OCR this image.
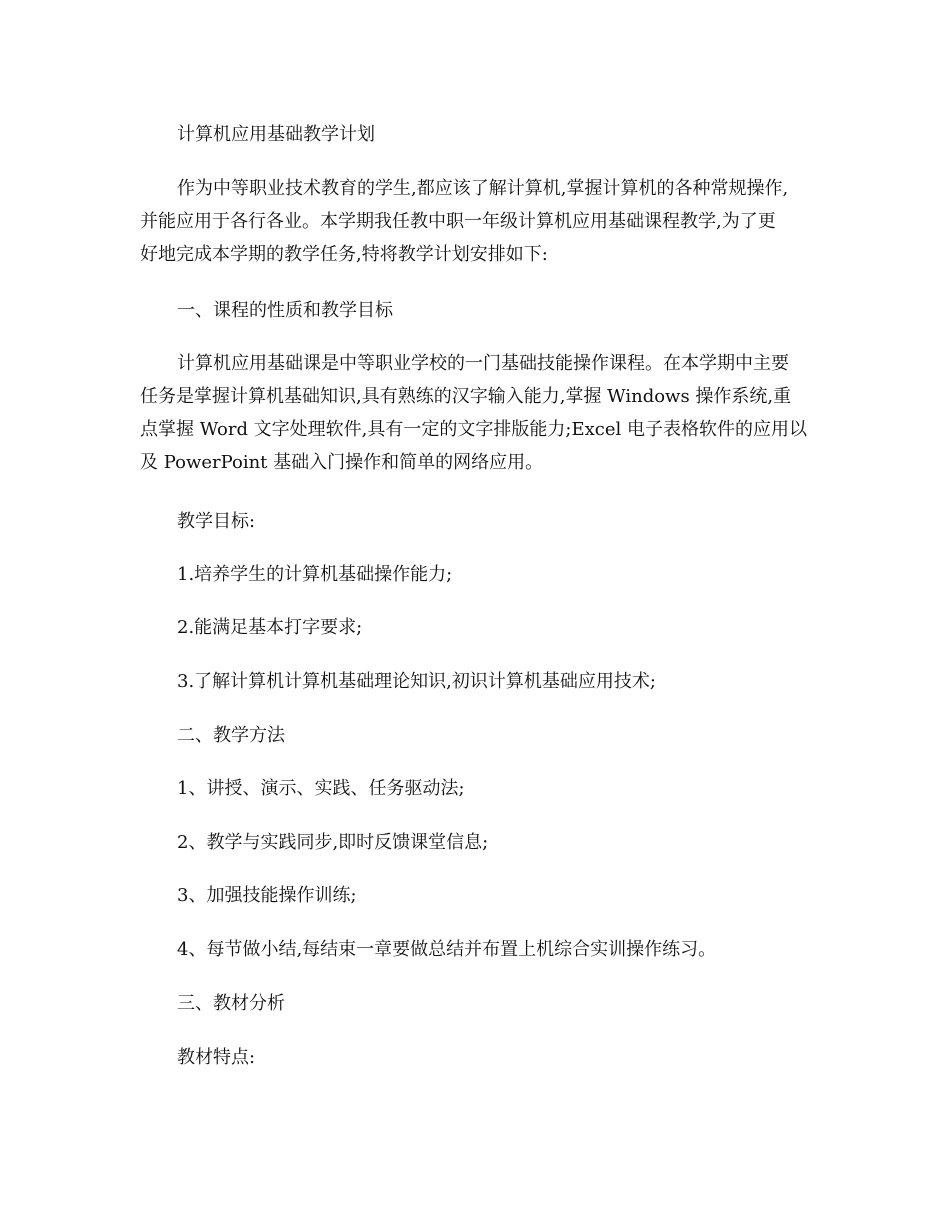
计算机应用基础教学计划

作为中等职业技术教育的学生,都应该了解计算机,掌握计算机的各种常规操作,
并能应用于各行各业。本学期我任教中职一年级计算机应用基础课程教学,为了更
好地完成本学期的教学任务,特将教学计划安排如下:

一、课程的性质和教学目标

计算机应用基础课是中等职业学校的一门基础技能操作课程。在本学期中主要
任务是掌握计算机基础知识,具有熟练的汉字输入能力,掌握 Windows 操作系统,重
点掌握 Word 文字处理软件,具有一定的文字排版能力;Excel 电子表格软件的应用以
及 PowerPoint 基础入门操作和简单的网络应用。

教学目标:

1.培养学生的计算机基础操作能力;

2.能满足基本打字要求;

3.了解计算机计算机基础理论知识,初识计算机基础应用技术;

二、教学方法

1、讲授、演示、实践、任务驱动法;

2、教学与实践同步,即时反馈课堂信息;

3、加强技能操作训练;

4、每节做小结,每结束一章要做总结并布置上机综合实训操作练习。

三、教材分析

教材特点:
